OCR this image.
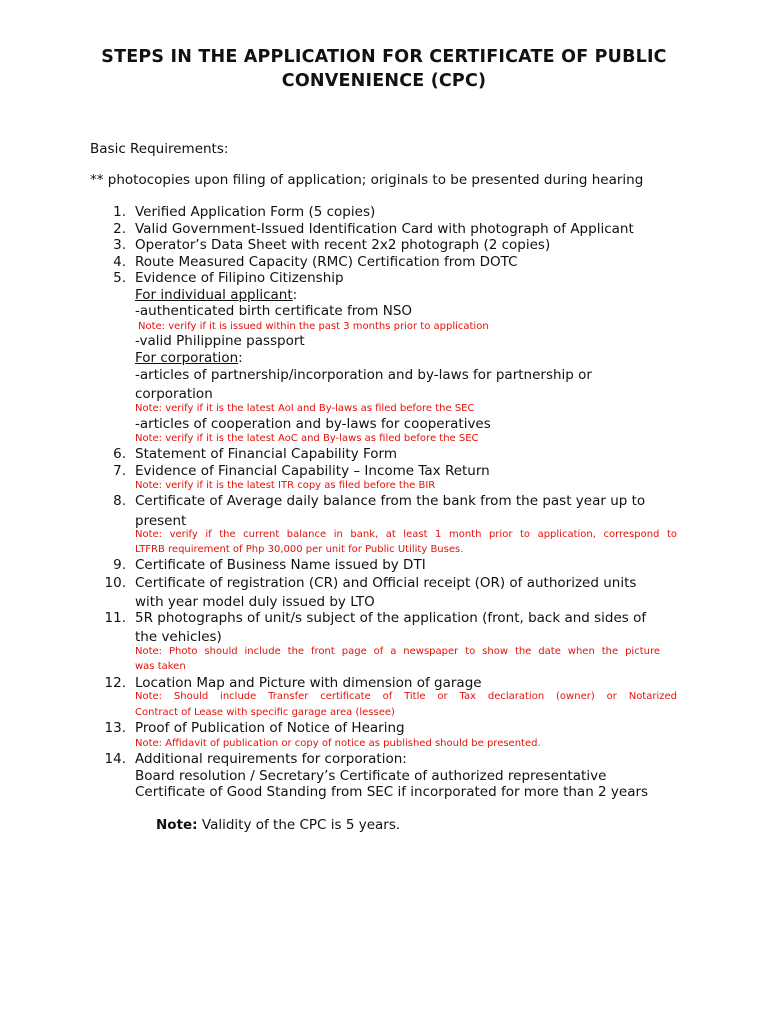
STEPS IN THE APPLICATION FOR CERTIFICATE OF PUBLIC
CONVENIENCE (CPC)
Basic Requirements:
** photocopies upon filing of application; originals to be presented during hearing
1. Verified Application Form (5 copies)
2. Valid Government-Issued Identification Card with photograph of Applicant
3. Operator’s Data Sheet with recent 2x2 photograph (2 copies)
4. Route Measured Capacity (RMC) Certification from DOTC
5. Evidence of Filipino Citizenship
For individual applicant:
-authenticated birth certificate from NSO
Note: verify if it is issued within the past 3 months prior to application
-valid Philippine passport
For corporation:
-articles of partnership/incorporation and by-laws for partnership or
corporation
Note: verify if it is the latest AoI and By-laws as filed before the SEC
-articles of cooperation and by-laws for cooperatives
Note: verify if it is the latest AoC and By-laws as filed before the SEC
6. Statement of Financial Capability Form
7. Evidence of Financial Capability – Income Tax Return
Note: verify if it is the latest ITR copy as filed before the BIR
8. Certificate of Average daily balance from the bank from the past year up to
present
Note: verify if the current balance in bank, at least 1 month prior to application, correspond to
LTFRB requirement of Php 30,000 per unit for Public Utility Buses.
9. Certificate of Business Name issued by DTI
10. Certificate of registration (CR) and Official receipt (OR) of authorized units
with year model duly issued by LTO
11. 5R photographs of unit/s subject of the application (front, back and sides of
the vehicles)
Note: Photo should include the front page of a newspaper to show the date when the picture
was taken
12. Location Map and Picture with dimension of garage
Note: Should include Transfer certificate of Title or Tax declaration (owner) or Notarized
Contract of Lease with specific garage area (lessee)
13. Proof of Publication of Notice of Hearing
Note: Affidavit of publication or copy of notice as published should be presented.
14. Additional requirements for corporation:
Board resolution / Secretary’s Certificate of authorized representative
Certificate of Good Standing from SEC if incorporated for more than 2 years
Note: Validity of the CPC is 5 years.
